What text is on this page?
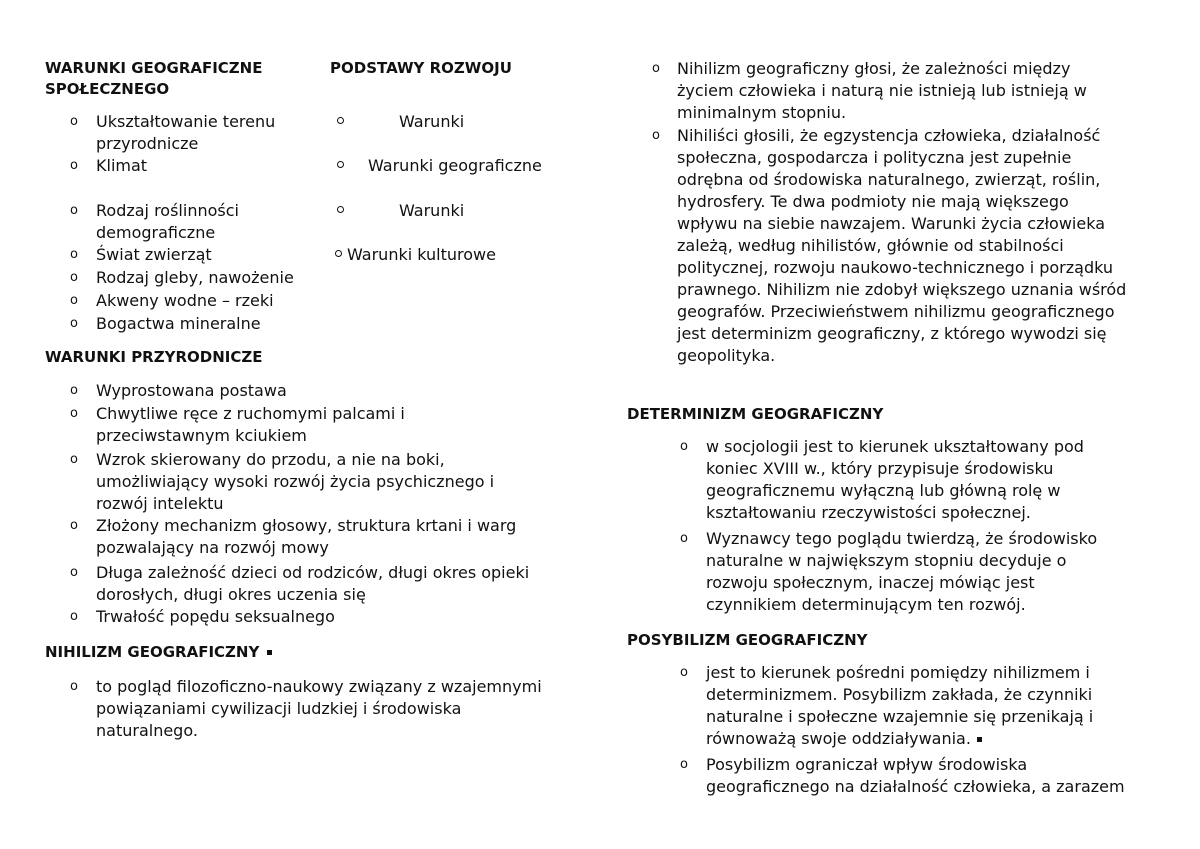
WARUNKI GEOGRAFICZNE
SPOŁECZNEGO
PODSTAWY ROZWOJU
o Ukształtowanie terenu
przyrodnicze
o Klimat
o Rodzaj roślinności
demograficzne
o Świat zwierząt
o Rodzaj gleby, nawożenie
o Akweny wodne – rzeki
o Bogactwa mineralne
Warunki
Warunki geograficzne
Warunki
Warunki kulturowe
WARUNKI PRZYRODNICZE
o Wyprostowana postawa
o Chwytliwe ręce z ruchomymi palcami i
przeciwstawnym kciukiem
o Wzrok skierowany do przodu, a nie na boki,
umożliwiający wysoki rozwój życia psychicznego i
rozwój intelektu
o Złożony mechanizm głosowy, struktura krtani i warg
pozwalający na rozwój mowy
o Długa zależność dzieci od rodziców, długi okres opieki
dorosłych, długi okres uczenia się
o Trwałość popędu seksualnego
NIHILIZM GEOGRAFICZNY
o to pogląd filozoficzno-naukowy związany z wzajemnymi
powiązaniami cywilizacji ludzkiej i środowiska
naturalnego.
o Nihilizm geograficzny głosi, że zależności między
życiem człowieka i naturą nie istnieją lub istnieją w
minimalnym stopniu.
o Nihiliści głosili, że egzystencja człowieka, działalność
społeczna, gospodarcza i polityczna jest zupełnie
odrębna od środowiska naturalnego, zwierząt, roślin,
hydrosfery. Te dwa podmioty nie mają większego
wpływu na siebie nawzajem. Warunki życia człowieka
zależą, według nihilistów, głównie od stabilności
politycznej, rozwoju naukowo-technicznego i porządku
prawnego. Nihilizm nie zdobył większego uznania wśród
geografów. Przeciwieństwem nihilizmu geograficznego
jest determinizm geograficzny, z którego wywodzi się
geopolityka.
DETERMINIZM GEOGRAFICZNY
o w socjologii jest to kierunek ukształtowany pod
koniec XVIII w., który przypisuje środowisku
geograficznemu wyłączną lub główną rolę w
kształtowaniu rzeczywistości społecznej.
o Wyznawcy tego poglądu twierdzą, że środowisko
naturalne w największym stopniu decyduje o
rozwoju społecznym, inaczej mówiąc jest
czynnikiem determinującym ten rozwój.
POSYBILIZM GEOGRAFICZNY
o jest to kierunek pośredni pomiędzy nihilizmem i
determinizmem. Posybilizm zakłada, że czynniki
naturalne i społeczne wzajemnie się przenikają i
równoważą swoje oddziaływania.
o Posybilizm ograniczał wpływ środowiska
geograficznego na działalność człowieka, a zarazem
